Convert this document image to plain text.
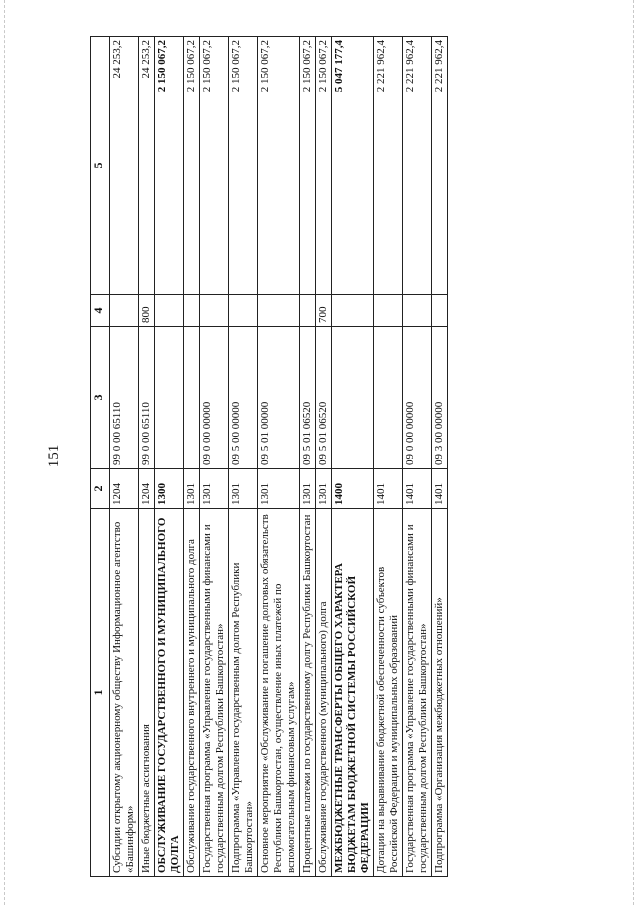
151
1	2	3	4	5
Субсидии открытому акционерному обществу Информационное агентство «Башинформ»	1204	99 0 00 65110		24 253,2
Иные бюджетные ассигнования	1204	99 0 00 65110	800	24 253,2
ОБСЛУЖИВАНИЕ ГОСУДАРСТВЕННОГО И МУНИЦИПАЛЬНОГО ДОЛГА	1300			2 150 067,2
Обслуживание государственного внутреннего и муниципального долга	1301			2 150 067,2
Государственная программа «Управление государственными финансами и государственным долгом Республики Башкортостан»	1301	09 0 00 00000		2 150 067,2
Подпрограмма «Управление государственным долгом Республики Башкортостан»	1301	09 5 00 00000		2 150 067,2
Основное мероприятие «Обслуживание и погашение долговых обязательств Республики Башкортостан, осуществление иных платежей по вспомогательным финансовым услугам»	1301	09 5 01 00000		2 150 067,2
Процентные платежи по государственному долгу Республики Башкортостан	1301	09 5 01 06520		2 150 067,2
Обслуживание государственного (муниципального) долга	1301	09 5 01 06520	700	2 150 067,2
МЕЖБЮДЖЕТНЫЕ ТРАНСФЕРТЫ ОБЩЕГО ХАРАКТЕРА БЮДЖЕТАМ БЮДЖЕТНОЙ СИСТЕМЫ РОССИЙСКОЙ ФЕДЕРАЦИИ	1400			5 047 177,4
Дотации на выравнивание бюджетной обеспеченности субъектов Российской Федерации и муниципальных образований	1401			2 221 962,4
Государственная программа «Управление государственными финансами и государственным долгом Республики Башкортостан»	1401	09 0 00 00000		2 221 962,4
Подпрограмма «Организация межбюджетных отношений»	1401	09 3 00 00000		2 221 962,4
